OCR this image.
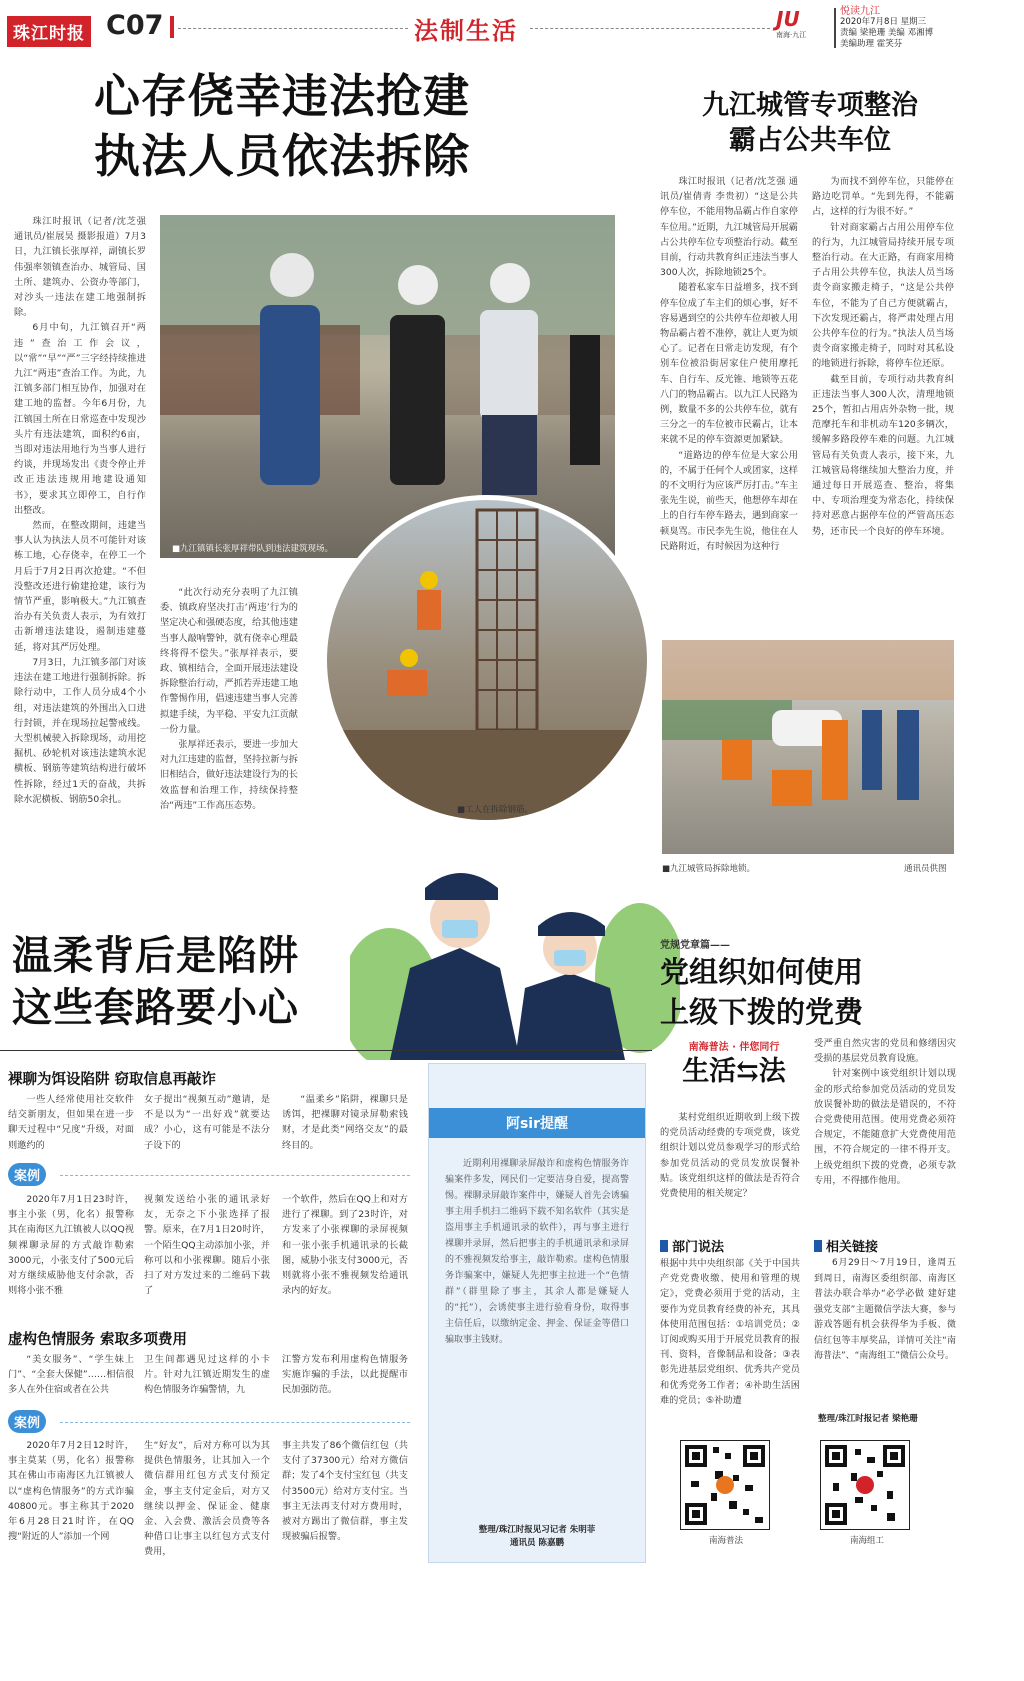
珠江时报 C07	法制生活	JU
南海·九江
悦读九江
2020年7月8日 星期三
责编 梁艳珊 美编 邓湘博
美编助理 霍笑芬
心存侥幸违法抢建
执法人员依法拆除

珠江时报讯（记者/沈芝强 通讯员/崔展昊 摄影报道）7月3日，九江镇长张厚祥，副镇长罗伟强率领镇查治办、城管局、国土所、建筑办、公资办等部门，对沙头一违法在建工地强制拆除。

6月中旬，九江镇召开“两违”查治工作会议，以“常”“早”“严”三字经持续推进九江“两违”查治工作。为此，九江镇多部门相互协作，加强对在建工地的监督。今年6月份，九江镇国土所在日常巡查中发现沙头片有违法建筑，面积约6亩，当即对违法用地行为当事人进行约谈，并现场发出《责令停止并改正违法违规用地建设通知书》，要求其立即停工，自行作出整改。

然而，在整改期间，违建当事人认为执法人员不可能针对该栋工地，心存侥幸，在停工一个月后于7月2日再次抢建。“不但没整改还进行偷建抢建，该行为情节严重，影响极大。”九江镇查治办有关负责人表示，为有效打击新增违法建设，遏制违建蔓延，将对其严厉处理。

7月3日，九江镇多部门对该违法在建工地进行强制拆除。拆除行动中，工作人员分成4个小组，对违法建筑的外围出入口进行封锁，并在现场拉起警戒线。大型机械驶入拆除现场，动用挖掘机、砂轮机对该违法建筑水泥横板、钢筋等建筑结构进行破坏性拆除，经过1天的奋战，共拆除水泥横板、钢筋50余扎。

■九江镇镇长张厚祥带队到违法建筑现场。
■工人在拆除钢筋。

“此次行动充分表明了九江镇委、镇政府坚决打击‘两违’行为的坚定决心和强硬态度，给其他违建当事人敲响警钟，就有侥幸心理最终将得不偿失。”张厚祥表示，要政、镇相结合，全面开展违法建设拆除整治行动，严抓若弄违建工地作警惕作用，倡速违建当事人完善拟建手续，为平稳、平安九江贡献一份力量。

张厚祥还表示，要进一步加大对九江违建的监督，坚持拉新与拆旧相结合，做好违法建设行为的长效监督和治理工作，持续保持整治“两违”工作高压态势。

九江城管专项整治
霸占公共车位

珠江时报讯（记者/沈芝强 通讯员/崔倩青 李贵初）“这是公共停车位，不能用物品霸占作自家停车位用。”近期，九江城管局开展霸占公共停车位专项整治行动。截至目前，行动共教育纠正违法当事人300人次，拆除地锁25个。

随着私家车日益增多，找不到停车位成了车主们的烦心事，好不容易遇到空的公共停车位却被人用物品霸占着不准停，就让人更为烦心了。记者在日常走访发现，有个别车位被沿街居家住户使用摩托车、自行车、反光锥、地锁等五花八门的物品霸占。以九江人民路为例，数量不多的公共停车位，就有三分之一的车位被市民霸占，让本来就不足的停车资源更加紧缺。

“道路边的停车位是大家公用的，不属于任何个人或团家，这样的不文明行为应该严厉打击。”车主张先生说，前些天，他想停车却在上的自行车停车路去，遇到商家一顿臭骂。市民李先生说，他住在人民路附近，有时候因为这种行

为而找不到停车位，只能停在路边吃罚单。“先到先得，不能霸占，这样的行为很不好。”

针对商家霸占占用公用停车位的行为，九江城管局持续开展专项整治行动。在大正路，有商家用椅子占用公共停车位，执法人员当场责令商家搬走椅子，“这是公共停车位，不能为了自己方便就霸占，下次发现还霸占，将严肃处理占用公共停车位的行为。”执法人员当场责令商家搬走椅子，同时对其私设的地锁进行拆除，将停车位还原。

截至目前，专项行动共教育纠正违法当事人300人次，清理地锁25个，暂扣占用店外杂物一批，规范摩托车和非机动车120多辆次，缓解多路段停车难的问题。九江城管局有关负责人表示，接下来，九江城管局将继续加大整治力度，并通过每日开展巡查、整治，将集中、专项治理变为常态化，持续保持对恶意占据停车位的严管高压态势，还市民一个良好的停车环境。

■九江城管局拆除地锁。	通讯员供图
温柔背后是陷阱
这些套路要小心
裸聊为饵设陷阱 窃取信息再敲诈

一些人经常使用社交软件结交新朋友，但如果在进一步聊天过程中“兄度”升级，对面则邀约的

女子提出“视频互动”邀请，是不是以为“一出好戏”就要达成？小心，这有可能是不法分子设下的

“温柔乡”陷阱，裸聊只是诱饵，把裸聊对镜录屏勒索钱财，才是此类“网络交友”的最终目的。

案例

2020年7月1日23时许，事主小张（男，化名）报警称其在南海区九江镇被人以QQ视频裸聊录屏的方式敲诈勒索3000元，小张支付了500元后对方继续威胁他支付余款，否则将小张不雅

视频发送给小张的通讯录好友，无奈之下小张选择了报警。原来，在7月1日20时许，一个陌生QQ主动添加小张，并称可以和小张裸聊。随后小张扫了对方发过来的二维码下载了

一个软件，然后在QQ上和对方进行了裸聊。到了23时许，对方发来了小张裸聊的录屏视频和一张小张手机通讯录的长截图，威胁小张支付3000元，否则就将小张不雅视频发给通讯录内的好友。

虚构色情服务 索取多项费用

“美女服务”、“学生妹上门”、“全套大保健”……相信很多人在外住宿或者在公共

卫生间都遇见过这样的小卡片。针对九江镇近期发生的虚构色情服务诈骗警情，九

江警方发布利用虚构色情服务实施诈骗的手法，以此提醒市民加强防范。

案例

2020年7月2日12时许，事主莫某（男，化名）报警称其在佛山市南海区九江镇被人以“虚构色情服务”的方式诈骗40800元。事主称其于2020年6月28日21时许，在QQ搜“附近的人”添加一个网

生“好友”，后对方称可以为其提供色情服务，让其加入一个微信群用红包方式支付预定金，事主支付定金后，对方又继续以押金、保证金、健康金、入会费、激活会员费等各种借口让事主以红包方式支付费用，

事主共发了86个微信红包（共支付了37300元）给对方微信群；发了4个支付宝红包（共支付3500元）给对方支付宝。当事主无法再支付对方费用时，被对方踢出了微信群，事主发现被骗后报警。

阿sir提醒
近期利用裸聊录屏敲诈和虚构色情服务诈骗案件多发，网民们一定要洁身自爱，提高警惕。裸聊录屏敲诈案件中，嫌疑人首先会诱骗事主用手机扫二维码下载不知名软件（其实是盗用事主手机通讯录的软件），再与事主进行裸聊并录屏，然后把事主的手机通讯录和录屏的不雅视频发给事主，敲诈勒索。虚构色情服务诈骗案中，嫌疑人先把事主拉进一个“色情群”（群里除了事主，其余人都是嫌疑人的“托”），会诱使事主进行验看身份，取得事主信任后，以缴纳定金、押金、保证金等借口骗取事主钱财。
整理/珠江时报见习记者 朱明菲
通讯员 陈嘉鹏
党规党章篇——
党组织如何使用
上级下拨的党费
南海普法 · 伴您同行
生活⇆法

某村党组织近期收到上级下拨的党员活动经费的专项党费，该党组织计划以党员参观学习的形式给参加党员活动的党员发放误餐补贴。该党组织这样的做法是否符合党费使用的相关规定？

受严重自然灾害的党员和修缮因灾受损的基层党员教育设施。

针对案例中该党组织计划以现金的形式给参加党员活动的党员发放误餐补助的做法是错误的，不符合党费使用范围。使用党费必须符合规定，不能随意扩大党费使用范围，不符合规定的一律不得开支。上级党组织下拨的党费，必须专款专用，不得挪作他用。

部门说法

根据中共中央组织部《关于中国共产党党费收缴、使用和管理的规定》，党费必须用于党的活动，主要作为党员教育经费的补充，其具体使用范围包括：①培训党员；②订阅或购买用于开展党员教育的报刊、资料，音像制品和设备；③表彰先进基层党组织、优秀共产党员和优秀党务工作者；④补助生活困难的党员；⑤补助遭

相关链接

6月29日～7月19日，逢周五到周日，南海区委组织部、南海区普法办联合举办“必学必做 建好建强党支部”主题微信学法大赛，参与游戏答题有机会获得华为手板、微信红包等丰厚奖品，详情可关注“南海普法”、“南海组工”微信公众号。

整理/珠江时报记者 梁艳珊
南海普法	南海组工
